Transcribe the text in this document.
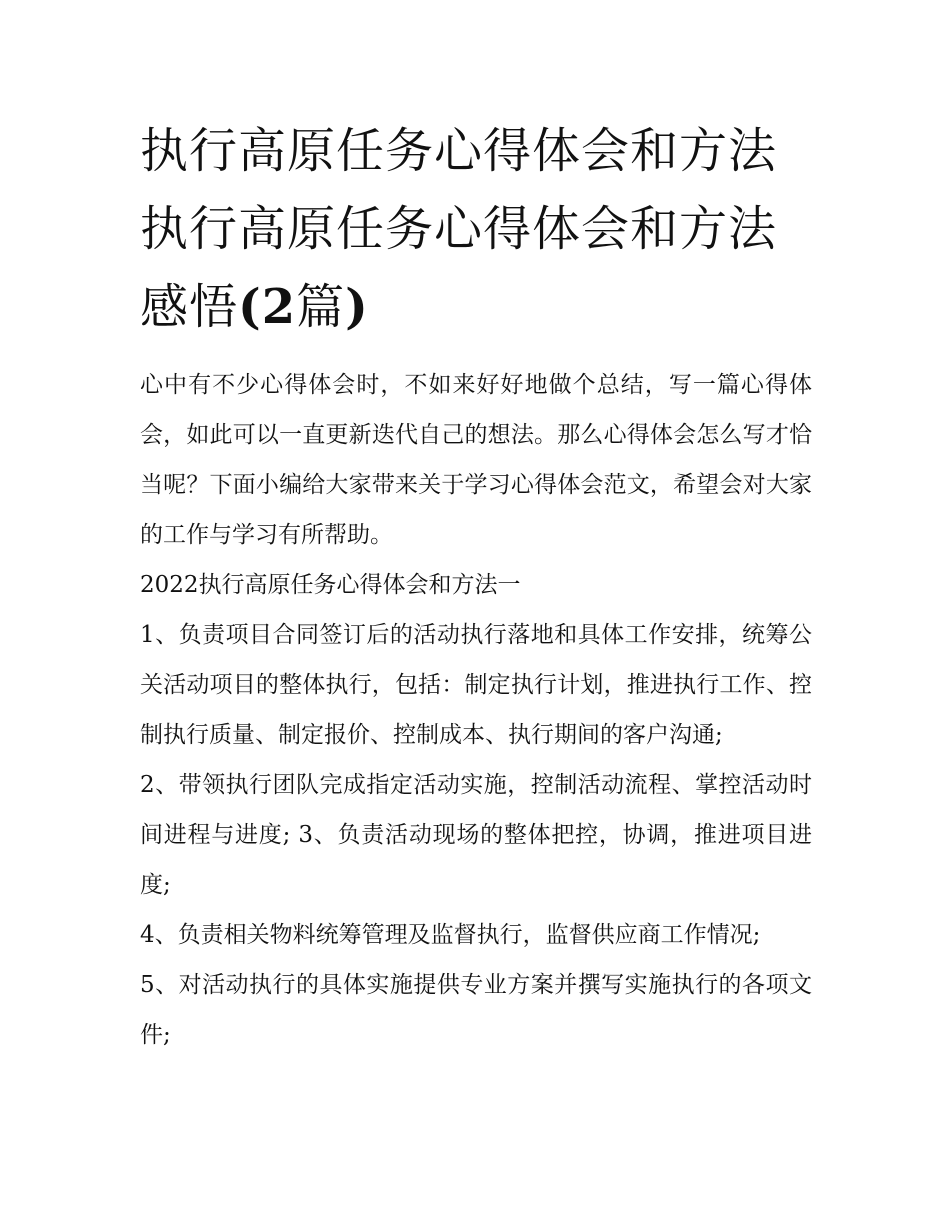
执行高原任务心得体会和方法
执行高原任务心得体会和方法
感悟(2篇)

心中有不少心得体会时，不如来好好地做个总结，写一篇心得体会，如此可以一直更新迭代自己的想法。那么心得体会怎么写才恰当呢？下面小编给大家带来关于学习心得体会范文，希望会对大家的工作与学习有所帮助。

2022执行高原任务心得体会和方法一

1、负责项目合同签订后的活动执行落地和具体工作安排，统筹公关活动项目的整体执行，包括：制定执行计划，推进执行工作、控制执行质量、制定报价、控制成本、执行期间的客户沟通;

2、带领执行团队完成指定活动实施，控制活动流程、掌控活动时间进程与进度; 3、负责活动现场的整体把控，协调，推进项目进度;

4、负责相关物料统筹管理及监督执行，监督供应商工作情况;

5、对活动执行的具体实施提供专业方案并撰写实施执行的各项文件;
